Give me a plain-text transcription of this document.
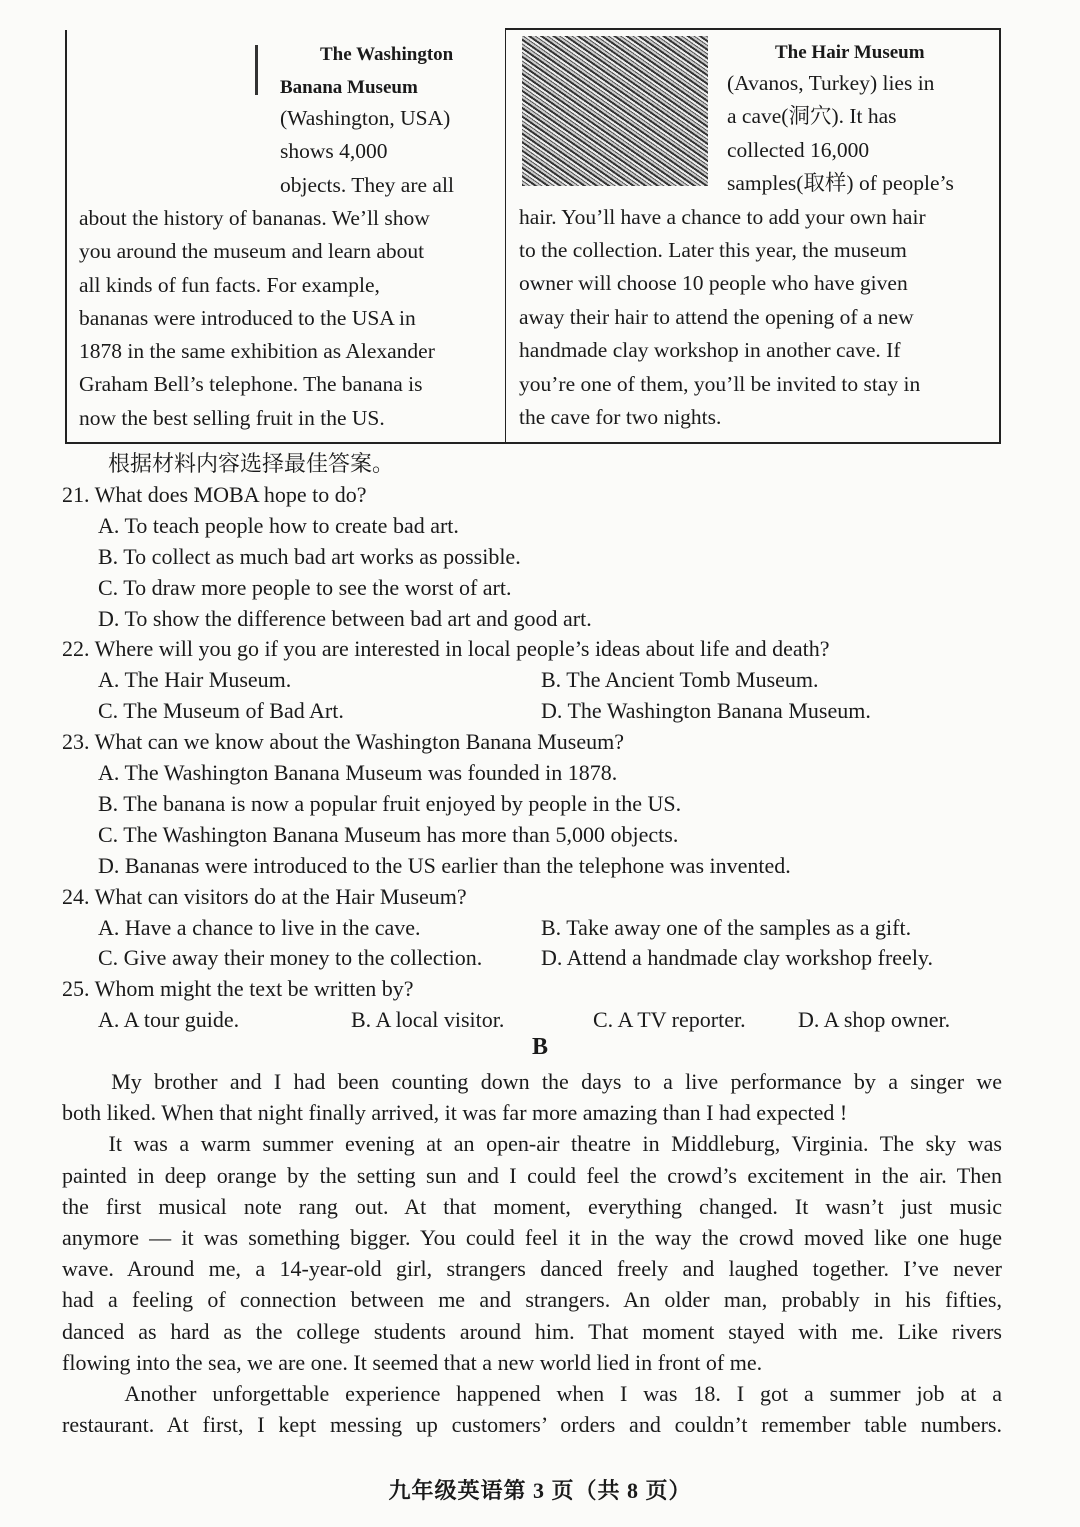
The Washington
Banana Museum
(Washington, USA)
shows 4,000
objects. They are all
about the history of bananas. We’ll show
you around the museum and learn about
all kinds of fun facts. For example,
bananas were introduced to the USA in
1878 in the same exhibition as Alexander
Graham Bell’s telephone. The banana is
now the best selling fruit in the US.
The Hair Museum
(Avanos, Turkey) lies in
a cave(洞穴). It has
collected 16,000
samples(取样) of people’s
hair. You’ll have a chance to add your own hair
to the collection. Later this year, the museum
owner will choose 10 people who have given
away their hair to attend the opening of a new
handmade clay workshop in another cave. If
you’re one of them, you’ll be invited to stay in
the cave for two nights.
根据材料内容选择最佳答案。
21. What does MOBA hope to do?
A. To teach people how to create bad art.
B. To collect as much bad art works as possible.
C. To draw more people to see the worst of art.
D. To show the difference between bad art and good art.
22. Where will you go if you are interested in local people’s ideas about life and death?
A. The Hair Museum.	B. The Ancient Tomb Museum.
C. The Museum of Bad Art.	D. The Washington Banana Museum.
23. What can we know about the Washington Banana Museum?
A. The Washington Banana Museum was founded in 1878.
B. The banana is now a popular fruit enjoyed by people in the US.
C. The Washington Banana Museum has more than 5,000 objects.
D. Bananas were introduced to the US earlier than the telephone was invented.
24. What can visitors do at the Hair Museum?
A. Have a chance to live in the cave.	B. Take away one of the samples as a gift.
C. Give away their money to the collection.	D. Attend a handmade clay workshop freely.
25. Whom might the text be written by?
A. A tour guide.	B. A local visitor.	C. A TV reporter. D. A shop owner.
B
My brother and I had been counting down the days to a live performance by a singer we
both liked. When that night finally arrived, it was far more amazing than I had expected !
It was a warm summer evening at an open-air theatre in Middleburg, Virginia. The sky was
painted in deep orange by the setting sun and I could feel the crowd’s excitement in the air. Then
the first musical note rang out. At that moment, everything changed. It wasn’t just music
anymore — it was something bigger. You could feel it in the way the crowd moved like one huge
wave. Around me, a 14-year-old girl, strangers danced freely and laughed together. I’ve never
had a feeling of connection between me and strangers. An older man, probably in his fifties,
danced as hard as the college students around him. That moment stayed with me. Like rivers
flowing into the sea, we are one. It seemed that a new world lied in front of me.
Another unforgettable experience happened when I was 18. I got a summer job at a
restaurant. At first, I kept messing up customers’ orders and couldn’t remember table numbers.
九年级英语第 3 页（共 8 页）
